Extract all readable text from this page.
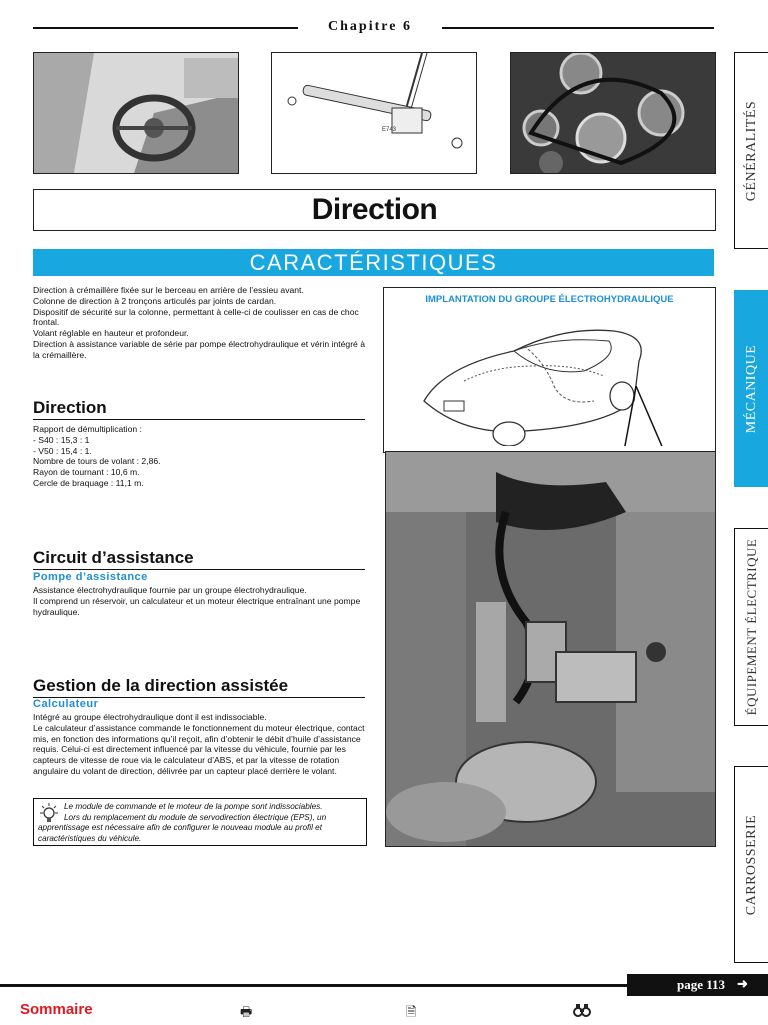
Chapitre 6
E743
Direction
CARACTÉRISTIQUES

Direction à crémaillère fixée sur le berceau en arrière de l’essieu avant.

Colonne de direction à 2 tronçons articulés par joints de cardan.

Dispositif de sécurité sur la colonne, permettant à celle-ci de coulisser en cas de choc frontal.

Volant réglable en hauteur et profondeur.

Direction à assistance variable de série par pompe électrohydraulique et vérin intégré à la crémaillère.

Direction

Rapport de démultiplication :

- S40 : 15,3 : 1

- V50 : 15,4 : 1.

Nombre de tours de volant : 2,86.

Rayon de tournant : 10,6 m.

Cercle de braquage : 11,1 m.

Circuit d’assistance
Pompe d’assistance

Assistance électrohydraulique fournie par un groupe électrohydraulique.

Il comprend un réservoir, un calculateur et un moteur électrique entraînant une pompe hydraulique.

Gestion de la direction assistée
Calculateur

Intégré au groupe électrohydraulique dont il est indissociable.

Le calculateur d’assistance commande le fonctionnement du moteur électrique, contact mis, en fonction des informations qu’il reçoit, afin d’obtenir le débit d’huile d’assistance requis. Celui-ci est directement influencé par la vitesse du véhicule, fournie par les capteurs de vitesse de roue via le calculateur d’ABS, et par la vitesse de rotation angulaire du volant de direction, délivrée par un capteur placé derrière le volant.

Le module de commande et le moteur de la pompe sont indissociables.
Lors du remplacement du module de servodirection électrique (EPS), un apprentissage est nécessaire afin de configurer le nouveau module au profil et caractéristiques du véhicule.
IMPLANTATION DU GROUPE ÉLECTROHYDRAULIQUE
GÉNÉRALITÉS
MÉCANIQUE
ÉQUIPEMENT ÉLECTRIQUE
CARROSSERIE
page 113 ➜
Sommaire	🖶	🗎
